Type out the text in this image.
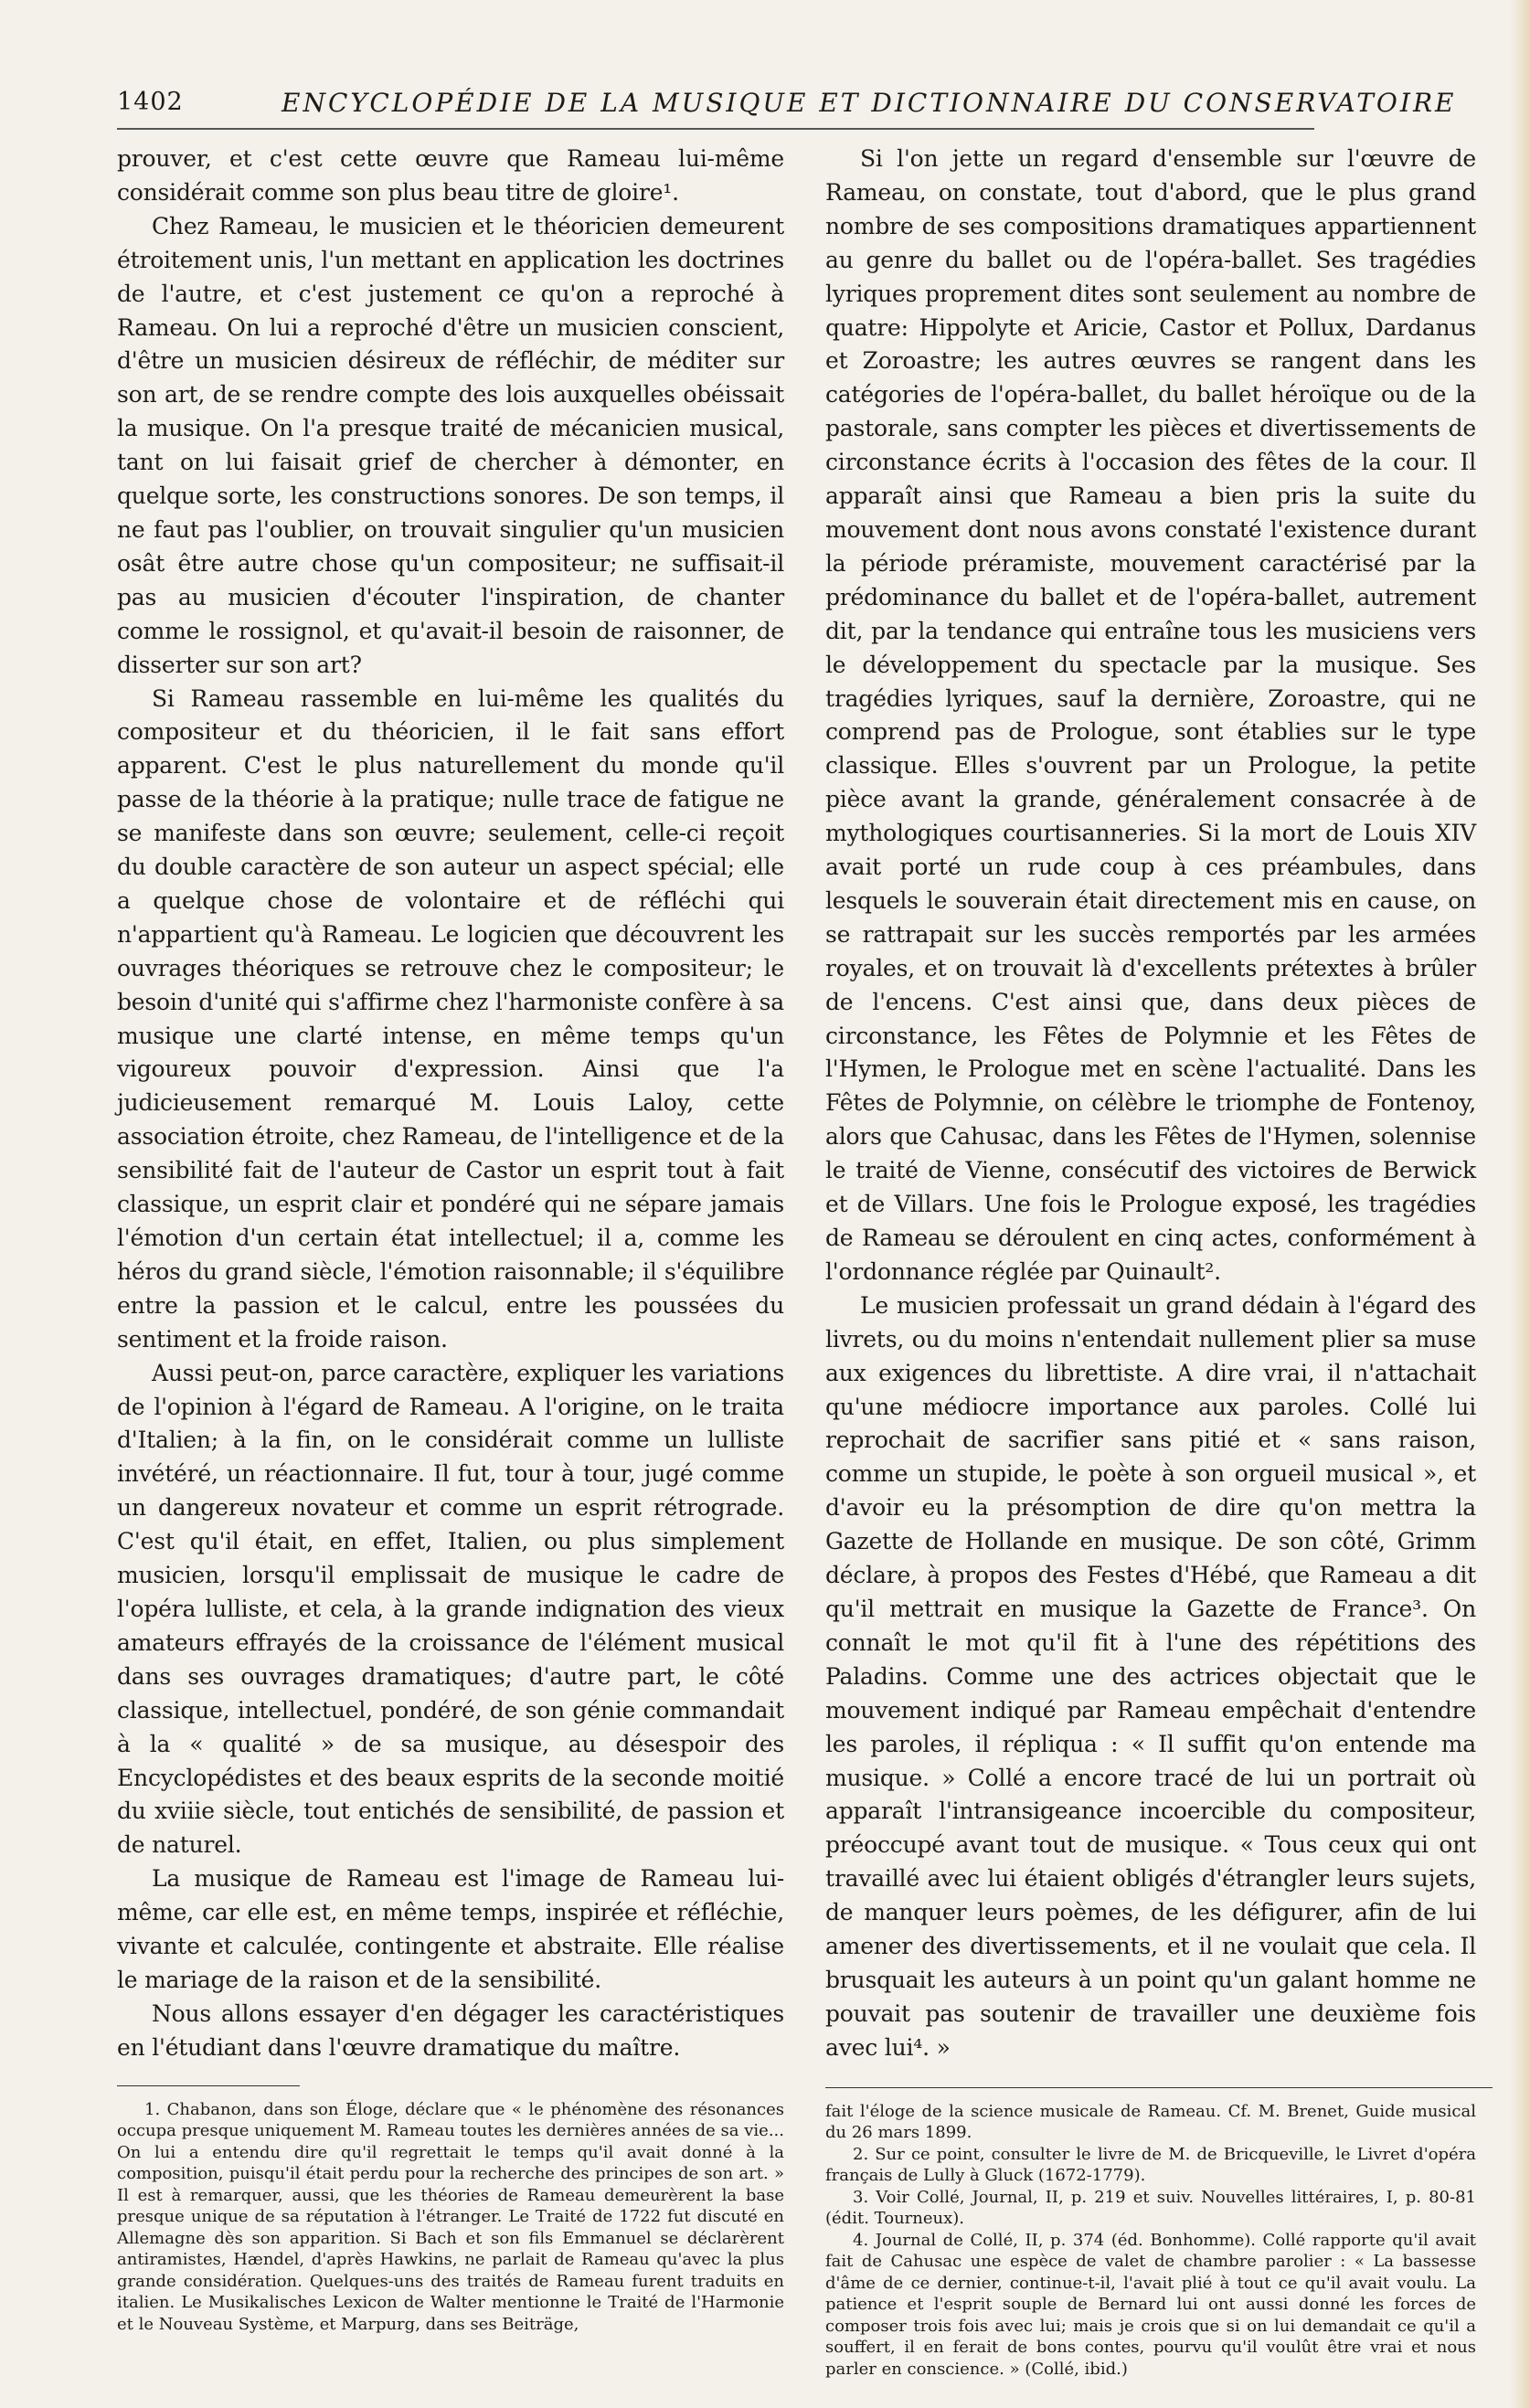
1402	ENCYCLOPÉDIE DE LA MUSIQUE ET DICTIONNAIRE DU CONSERVATOIRE

prouver, et c'est cette œuvre que Rameau lui-même considérait comme son plus beau titre de gloire¹.

Chez Rameau, le musicien et le théoricien demeurent étroitement unis, l'un mettant en application les doctrines de l'autre, et c'est justement ce qu'on a reproché à Rameau. On lui a reproché d'être un musicien conscient, d'être un musicien désireux de réfléchir, de méditer sur son art, de se rendre compte des lois auxquelles obéissait la musique. On l'a presque traité de mécanicien musical, tant on lui faisait grief de chercher à démonter, en quelque sorte, les constructions sonores. De son temps, il ne faut pas l'oublier, on trouvait singulier qu'un musicien osât être autre chose qu'un compositeur; ne suffisait-il pas au musicien d'écouter l'inspiration, de chanter comme le rossignol, et qu'avait-il besoin de raisonner, de disserter sur son art?

Si Rameau rassemble en lui-même les qualités du compositeur et du théoricien, il le fait sans effort apparent. C'est le plus naturellement du monde qu'il passe de la théorie à la pratique; nulle trace de fatigue ne se manifeste dans son œuvre; seulement, celle-ci reçoit du double caractère de son auteur un aspect spécial; elle a quelque chose de volontaire et de réfléchi qui n'appartient qu'à Rameau. Le logicien que découvrent les ouvrages théoriques se retrouve chez le compositeur; le besoin d'unité qui s'affirme chez l'harmoniste confère à sa musique une clarté intense, en même temps qu'un vigoureux pouvoir d'expression. Ainsi que l'a judicieusement remarqué M. Louis Laloy, cette association étroite, chez Rameau, de l'intelligence et de la sensibilité fait de l'auteur de Castor un esprit tout à fait classique, un esprit clair et pondéré qui ne sépare jamais l'émotion d'un certain état intellectuel; il a, comme les héros du grand siècle, l'émotion raisonnable; il s'équilibre entre la passion et le calcul, entre les poussées du sentiment et la froide raison.

Aussi peut-on, parce caractère, expliquer les variations de l'opinion à l'égard de Rameau. A l'origine, on le traita d'Italien; à la fin, on le considérait comme un lulliste invétéré, un réactionnaire. Il fut, tour à tour, jugé comme un dangereux novateur et comme un esprit rétrograde. C'est qu'il était, en effet, Italien, ou plus simplement musicien, lorsqu'il emplissait de musique le cadre de l'opéra lulliste, et cela, à la grande indignation des vieux amateurs effrayés de la croissance de l'élément musical dans ses ouvrages dramatiques; d'autre part, le côté classique, intellectuel, pondéré, de son génie commandait à la « qualité » de sa musique, au désespoir des Encyclopédistes et des beaux esprits de la seconde moitié du xviiie siècle, tout entichés de sensibilité, de passion et de naturel.

La musique de Rameau est l'image de Rameau lui-même, car elle est, en même temps, inspirée et réfléchie, vivante et calculée, contingente et abstraite. Elle réalise le mariage de la raison et de la sensibilité.

Nous allons essayer d'en dégager les caractéristiques en l'étudiant dans l'œuvre dramatique du maître.

1. Chabanon, dans son Éloge, déclare que « le phénomène des résonances occupa presque uniquement M. Rameau toutes les dernières années de sa vie... On lui a entendu dire qu'il regrettait le temps qu'il avait donné à la composition, puisqu'il était perdu pour la recherche des principes de son art. » Il est à remarquer, aussi, que les théories de Rameau demeurèrent la base presque unique de sa réputation à l'étranger. Le Traité de 1722 fut discuté en Allemagne dès son apparition. Si Bach et son fils Emmanuel se déclarèrent antiramistes, Hændel, d'après Hawkins, ne parlait de Rameau qu'avec la plus grande considération. Quelques-uns des traités de Rameau furent traduits en italien. Le Musikalisches Lexicon de Walter mentionne le Traité de l'Harmonie et le Nouveau Système, et Marpurg, dans ses Beiträge,

Si l'on jette un regard d'ensemble sur l'œuvre de Rameau, on constate, tout d'abord, que le plus grand nombre de ses compositions dramatiques appartiennent au genre du ballet ou de l'opéra-ballet. Ses tragédies lyriques proprement dites sont seulement au nombre de quatre: Hippolyte et Aricie, Castor et Pollux, Dardanus et Zoroastre; les autres œuvres se rangent dans les catégories de l'opéra-ballet, du ballet héroïque ou de la pastorale, sans compter les pièces et divertissements de circonstance écrits à l'occasion des fêtes de la cour. Il apparaît ainsi que Rameau a bien pris la suite du mouvement dont nous avons constaté l'existence durant la période préramiste, mouvement caractérisé par la prédominance du ballet et de l'opéra-ballet, autrement dit, par la tendance qui entraîne tous les musiciens vers le développement du spectacle par la musique. Ses tragédies lyriques, sauf la dernière, Zoroastre, qui ne comprend pas de Prologue, sont établies sur le type classique. Elles s'ouvrent par un Prologue, la petite pièce avant la grande, généralement consacrée à de mythologiques courtisanneries. Si la mort de Louis XIV avait porté un rude coup à ces préambules, dans lesquels le souverain était directement mis en cause, on se rattrapait sur les succès remportés par les armées royales, et on trouvait là d'excellents prétextes à brûler de l'encens. C'est ainsi que, dans deux pièces de circonstance, les Fêtes de Polymnie et les Fêtes de l'Hymen, le Prologue met en scène l'actualité. Dans les Fêtes de Polymnie, on célèbre le triomphe de Fontenoy, alors que Cahusac, dans les Fêtes de l'Hymen, solennise le traité de Vienne, consécutif des victoires de Berwick et de Villars. Une fois le Prologue exposé, les tragédies de Rameau se déroulent en cinq actes, conformément à l'ordonnance réglée par Quinault².

Le musicien professait un grand dédain à l'égard des livrets, ou du moins n'entendait nullement plier sa muse aux exigences du librettiste. A dire vrai, il n'attachait qu'une médiocre importance aux paroles. Collé lui reprochait de sacrifier sans pitié et « sans raison, comme un stupide, le poète à son orgueil musical », et d'avoir eu la présomption de dire qu'on mettra la Gazette de Hollande en musique. De son côté, Grimm déclare, à propos des Festes d'Hébé, que Rameau a dit qu'il mettrait en musique la Gazette de France³. On connaît le mot qu'il fit à l'une des répétitions des Paladins. Comme une des actrices objectait que le mouvement indiqué par Rameau empêchait d'entendre les paroles, il répliqua : « Il suffit qu'on entende ma musique. » Collé a encore tracé de lui un portrait où apparaît l'intransigeance incoercible du compositeur, préoccupé avant tout de musique. « Tous ceux qui ont travaillé avec lui étaient obligés d'étrangler leurs sujets, de manquer leurs poèmes, de les défigurer, afin de lui amener des divertissements, et il ne voulait que cela. Il brusquait les auteurs à un point qu'un galant homme ne pouvait pas soutenir de travailler une deuxième fois avec lui⁴. »

fait l'éloge de la science musicale de Rameau. Cf. M. Brenet, Guide musical du 26 mars 1899.

2. Sur ce point, consulter le livre de M. de Bricqueville, le Livret d'opéra français de Lully à Gluck (1672-1779).

3. Voir Collé, Journal, II, p. 219 et suiv. Nouvelles littéraires, I, p. 80-81 (édit. Tourneux).

4. Journal de Collé, II, p. 374 (éd. Bonhomme). Collé rapporte qu'il avait fait de Cahusac une espèce de valet de chambre parolier : « La bassesse d'âme de ce dernier, continue-t-il, l'avait plié à tout ce qu'il avait voulu. La patience et l'esprit souple de Bernard lui ont aussi donné les forces de composer trois fois avec lui; mais je crois que si on lui demandait ce qu'il a souffert, il en ferait de bons contes, pourvu qu'il voulût être vrai et nous parler en conscience. » (Collé, ibid.)
